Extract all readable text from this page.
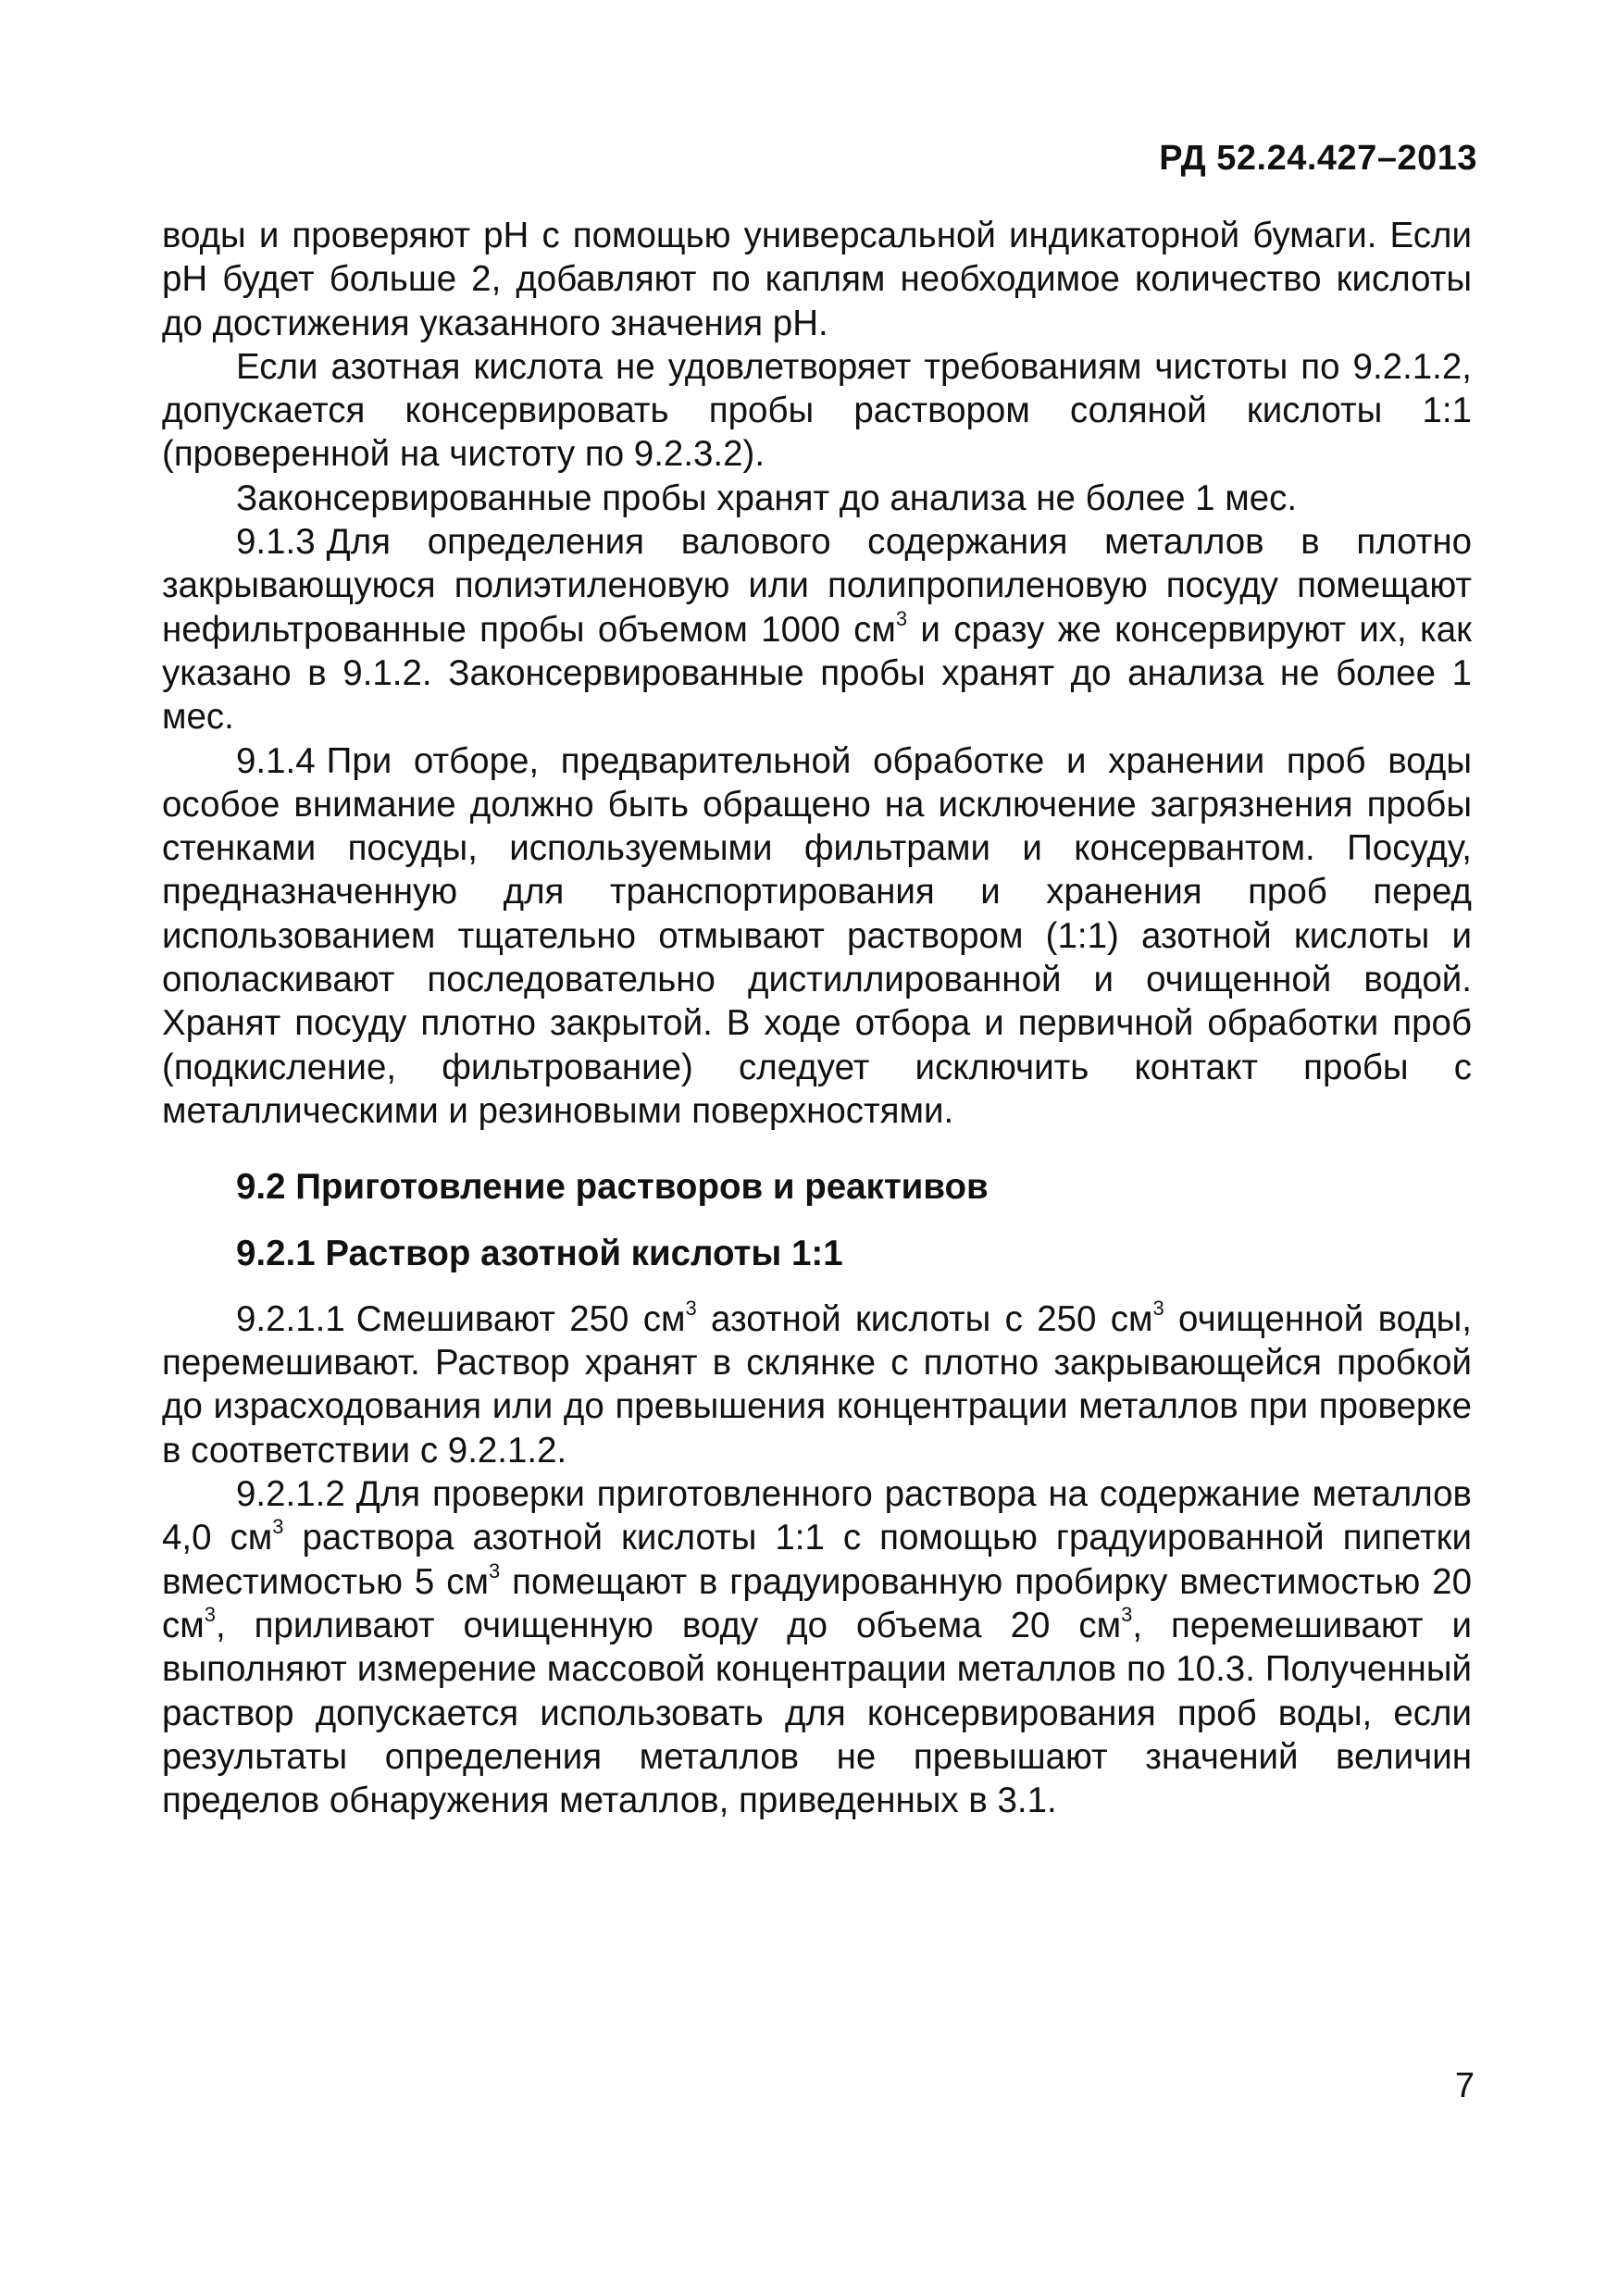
РД 52.24.427–2013

воды и проверяют pH с помощью универсальной индикаторной бумаги. Если pH будет больше 2, добавляют по каплям необходимое количество кислоты до достижения указанного значения pH.

Если азотная кислота не удовлетворяет требованиям чистоты по 9.2.1.2, допускается консервировать пробы раствором соляной кислоты 1:1 (проверенной на чистоту по 9.2.3.2).

Законсервированные пробы хранят до анализа не более 1 мес.

9.1.3 Для определения валового содержания металлов в плотно закрывающуюся полиэтиленовую или полипропиленовую посуду помещают нефильтрованные пробы объемом 1000 $см^3$ и сразу же консервируют их, как указано в 9.1.2. Законсервированные пробы хранят до анализа не более 1 мес.

9.1.4 При отборе, предварительной обработке и хранении проб воды особое внимание должно быть обращено на исключение загрязнения пробы стенками посуды, используемыми фильтрами и консервантом. Посуду, предназначенную для транспортирования и хранения проб перед использованием тщательно отмывают раствором (1:1) азотной кислоты и ополаскивают последовательно дистиллированной и очищенной водой. Хранят посуду плотно закрытой. В ходе отбора и первичной обработки проб (подкисление, фильтрование) следует исключить контакт пробы с металлическими и резиновыми поверхностями.

9.2 Приготовление растворов и реактивов

9.2.1 Раствор азотной кислоты 1:1

9.2.1.1 Смешивают 250 $см^3$ азотной кислоты с 250 $см^3$ очищенной воды, перемешивают. Раствор хранят в склянке с плотно закрывающейся пробкой до израсходования или до превышения концентрации металлов при проверке в соответствии с 9.2.1.2.

9.2.1.2 Для проверки приготовленного раствора на содержание металлов 4,0 $см^3$ раствора азотной кислоты 1:1 с помощью градуированной пипетки вместимостью 5 $см^3$ помещают в градуированную пробирку вместимостью 20 $см^3$, приливают очищенную воду до объема 20 $см^3$, перемешивают и выполняют измерение массовой концентрации металлов по 10.3. Полученный раствор допускается использовать для консервирования проб воды, если результаты определения металлов не превышают значений величин пределов обнаружения металлов, приведенных в 3.1.

7
